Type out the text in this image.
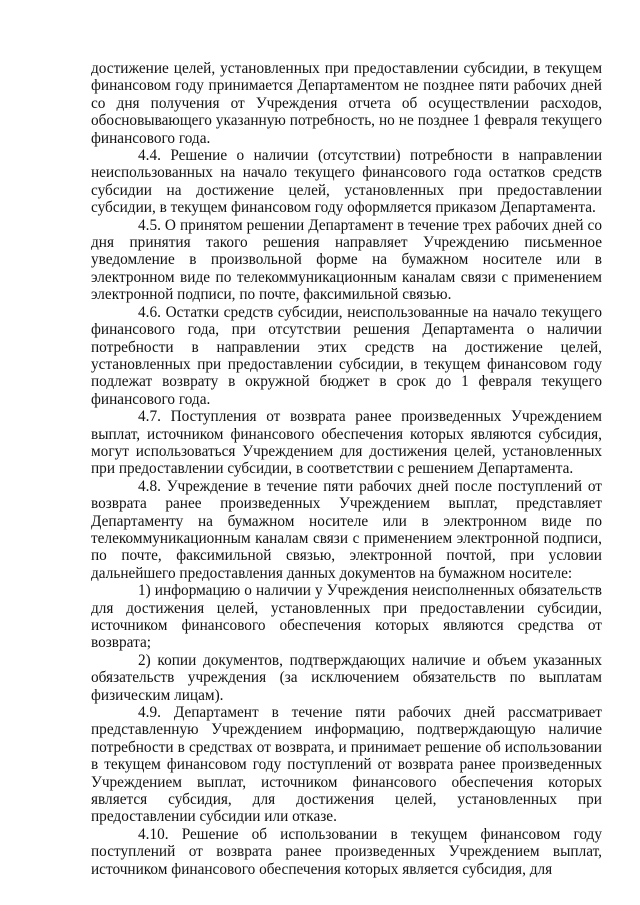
достижение целей, установленных при предоставлении субсидии, в текущем финансовом году принимается Департаментом не позднее пяти рабочих дней со дня получения от Учреждения отчета об осуществлении расходов, обосновывающего указанную потребность, но не позднее 1 февраля текущего финансового года.

4.4. Решение о наличии (отсутствии) потребности в направлении неиспользованных на начало текущего финансового года остатков средств субсидии на достижение целей, установленных при предоставлении субсидии, в текущем финансовом году оформляется приказом Департамента.

4.5. О принятом решении Департамент в течение трех рабочих дней со дня принятия такого решения направляет Учреждению письменное уведомление в произвольной форме на бумажном носителе или в электронном виде по телекоммуникационным каналам связи с применением электронной подписи, по почте, факсимильной связью.

4.6. Остатки средств субсидии, неиспользованные на начало текущего финансового года, при отсутствии решения Департамента о наличии потребности в направлении этих средств на достижение целей, установленных при предоставлении субсидии, в текущем финансовом году подлежат возврату в окружной бюджет в срок до 1 февраля текущего финансового года.

4.7. Поступления от возврата ранее произведенных Учреждением выплат, источником финансового обеспечения которых являются субсидия, могут использоваться Учреждением для достижения целей, установленных при предоставлении субсидии, в соответствии с решением Департамента.

4.8. Учреждение в течение пяти рабочих дней после поступлений от возврата ранее произведенных Учреждением выплат, представляет Департаменту на бумажном носителе или в электронном виде по телекоммуникационным каналам связи с применением электронной подписи, по почте, факсимильной связью, электронной почтой, при условии дальнейшего предоставления данных документов на бумажном носителе:

1) информацию о наличии у Учреждения неисполненных обязательств для достижения целей, установленных при предоставлении субсидии, источником финансового обеспечения которых являются средства от возврата;

2) копии документов, подтверждающих наличие и объем указанных обязательств учреждения (за исключением обязательств по выплатам физическим лицам).

4.9. Департамент в течение пяти рабочих дней рассматривает представленную Учреждением информацию, подтверждающую наличие потребности в средствах от возврата, и принимает решение об использовании в текущем финансовом году поступлений от возврата ранее произведенных Учреждением выплат, источником финансового обеспечения которых является субсидия, для достижения целей, установленных при предоставлении субсидии или отказе.

4.10. Решение об использовании в текущем финансовом году поступлений от возврата ранее произведенных Учреждением выплат, источником финансового обеспечения которых является субсидия, для
